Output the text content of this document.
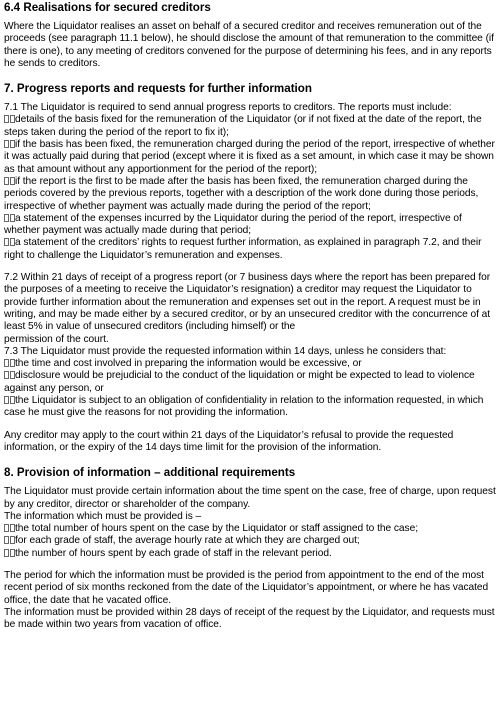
6.4 Realisations for secured creditors

Where the Liquidator realises an asset on behalf of a secured creditor and receives remuneration out of the proceeds (see paragraph 11.1 below), he should disclose the amount of that remuneration to the committee (if there is one), to any meeting of creditors convened for the purpose of determining his fees, and in any reports he sends to creditors.

7. Progress reports and requests for further information

7.1 The Liquidator is required to send annual progress reports to creditors. The reports must include:

details of the basis fixed for the remuneration of the Liquidator (or if not fixed at the date of the report, the steps taken during the period of the report to fix it);

if the basis has been fixed, the remuneration charged during the period of the report, irrespective of whether it was actually paid during that period (except where it is fixed as a set amount, in which case it may be shown as that amount without any apportionment for the period of the report);

if the report is the first to be made after the basis has been fixed, the remuneration charged during the periods covered by the previous reports, together with a description of the work done during those periods, irrespective of whether payment was actually made during the period of the report;

a statement of the expenses incurred by the Liquidator during the period of the report, irrespective of whether payment was actually made during that period;

a statement of the creditors’ rights to request further information, as explained in paragraph 7.2, and their right to challenge the Liquidator’s remuneration and expenses.

7.2 Within 21 days of receipt of a progress report (or 7 business days where the report has been prepared for the purposes of a meeting to receive the Liquidator’s resignation) a creditor may request the Liquidator to provide further information about the remuneration and expenses set out in the report. A request must be in writing, and may be made either by a secured creditor, or by an unsecured creditor with the concurrence of at least 5% in value of unsecured creditors (including himself) or the

permission of the court.

7.3 The Liquidator must provide the requested information within 14 days, unless he considers that:

the time and cost involved in preparing the information would be excessive, or

disclosure would be prejudicial to the conduct of the liquidation or might be expected to lead to violence against any person, or

the Liquidator is subject to an obligation of confidentiality in relation to the information requested, in which case he must give the reasons for not providing the information.

Any creditor may apply to the court within 21 days of the Liquidator’s refusal to provide the requested information, or the expiry of the 14 days time limit for the provision of the information.

8. Provision of information – additional requirements

The Liquidator must provide certain information about the time spent on the case, free of charge, upon request by any creditor, director or shareholder of the company.

The information which must be provided is –

the total number of hours spent on the case by the Liquidator or staff assigned to the case;

for each grade of staff, the average hourly rate at which they are charged out;

the number of hours spent by each grade of staff in the relevant period.

The period for which the information must be provided is the period from appointment to the end of the most recent period of six months reckoned from the date of the Liquidator’s appointment, or where he has vacated office, the date that he vacated office.

The information must be provided within 28 days of receipt of the request by the Liquidator, and requests must be made within two years from vacation of office.
